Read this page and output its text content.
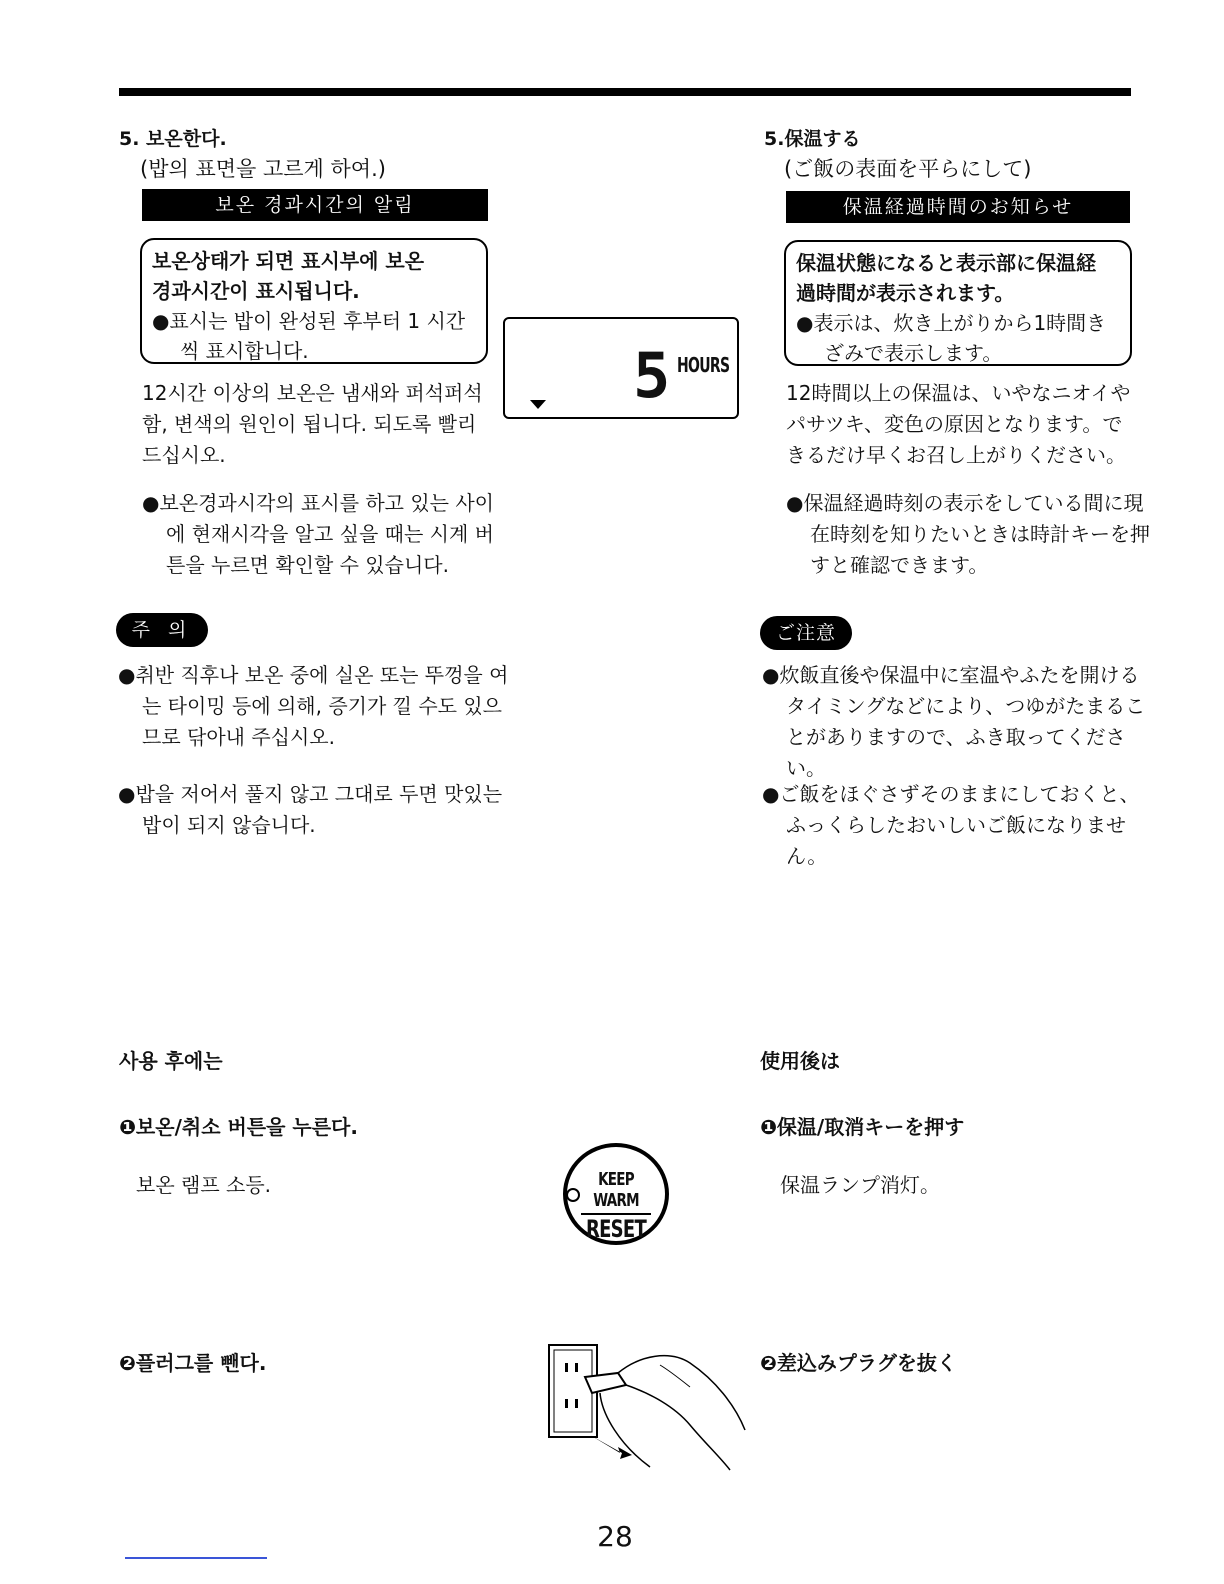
5. 보온한다.
(밥의 표면을 고르게 하여.)
보온 경과시간의 알림
보온상태가 되면 표시부에 보온
경과시간이 표시됩니다.
●표시는 밥이 완성된 후부터 1 시간씩 표시합니다.
12시간 이상의 보온은 냄새와 퍼석퍼석함, 변색의 원인이 됩니다. 되도록 빨리 드십시오.
●보온경과시각의 표시를 하고 있는 사이에 현재시각을 알고 싶을 때는 시계 버튼을 누르면 확인할 수 있습니다.
주 의
●취반 직후나 보온 중에 실온 또는 뚜껑을 여는 타이밍 등에 의해, 증기가 낄 수도 있으므로 닦아내 주십시오.
●밥을 저어서 풀지 않고 그대로 두면 맛있는 밥이 되지 않습니다.
사용 후에는
❶보온/취소 버튼을 누른다.
보온 램프 소등.
❷플러그를 뺀다.
5 HOURS
KEEP WARM
RESET
5.保温する
(ご飯の表面を平らにして)
保温経過時間のお知らせ
保温状態になると表示部に保温経
過時間が表示されます。
●表示は、炊き上がりから1時間きざみで表示します。
12時間以上の保温は、いやなニオイやパサツキ、変色の原因となります。できるだけ早くお召し上がりください。
●保温経過時刻の表示をしている間に現在時刻を知りたいときは時計キーを押すと確認できます。
ご注意
●炊飯直後や保温中に室温やふたを開けるタイミングなどにより、つゆがたまることがありますので、ふき取ってください。
●ご飯をほぐさずそのままにしておくと、ふっくらしたおいしいご飯になりません。
使用後は
❶保温/取消キーを押す
保温ランプ消灯。
❷差込みプラグを抜く
28
